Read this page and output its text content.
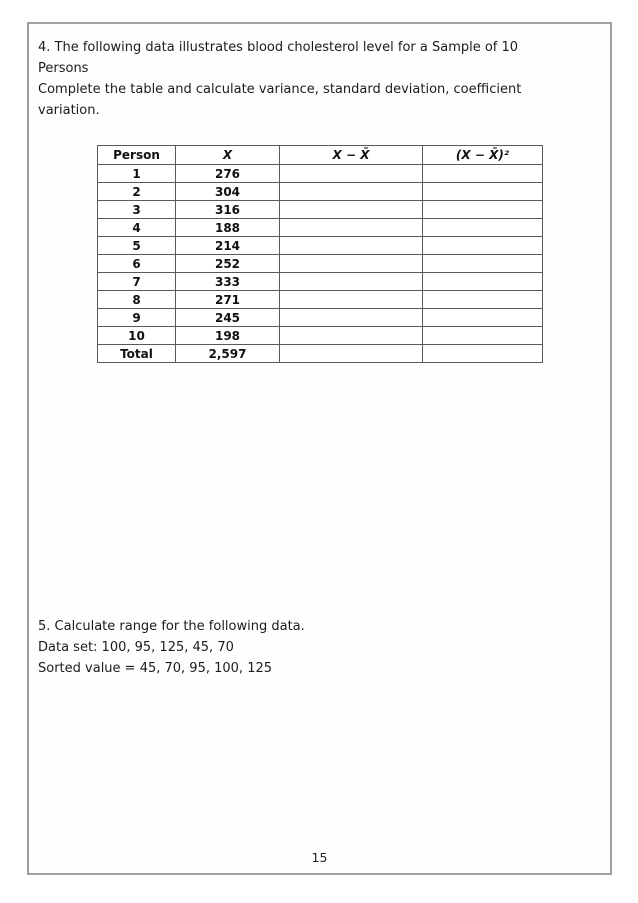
4. The following data illustrates blood cholesterol level for a Sample of 10
Persons
Complete the table and calculate variance, standard deviation, coefficient
variation.
Person	X	X − X̄	(X − X̄)²
1	276		
2	304		
3	316		
4	188		
5	214		
6	252		
7	333		
8	271		
9	245		
10	198		
Total	2,597		
5. Calculate range for the following data.
Data set: 100, 95, 125, 45, 70
Sorted value = 45, 70, 95, 100, 125
15
